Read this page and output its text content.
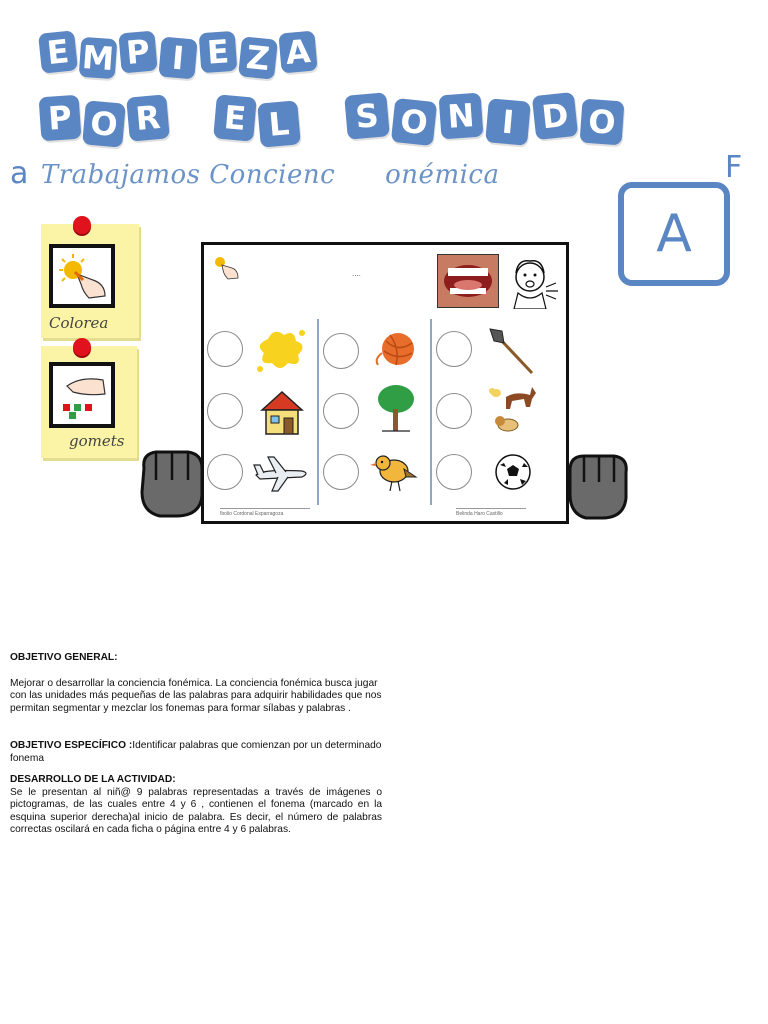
E M P I E Z A
P O R E L S O N I D O
a Trabajamos Concienc onémica	F
A
Colorea
gomets
....
Ibolio Cordonal Esparragoza	Belinda Haro Castillo
OBJETIVO GENERAL:
Mejorar o desarrollar la conciencia fonémica. La conciencia fonémica busca jugar con las unidades más pequeñas de las palabras para adquirir habilidades que nos permitan segmentar y mezclar los fonemas para formar sílabas y palabras .
OBJETIVO ESPECÍFICO :Identificar palabras que comienzan por un determinado fonema
DESARROLLO DE LA ACTIVIDAD:
Se le presentan al niñ@ 9 palabras representadas a través de imágenes o pictogramas, de las cuales entre 4 y 6 , contienen el fonema (marcado en la esquina superior derecha)al inicio de palabra. Es decir, el número de palabras correctas oscilará en cada ficha o página entre 4 y 6 palabras.
